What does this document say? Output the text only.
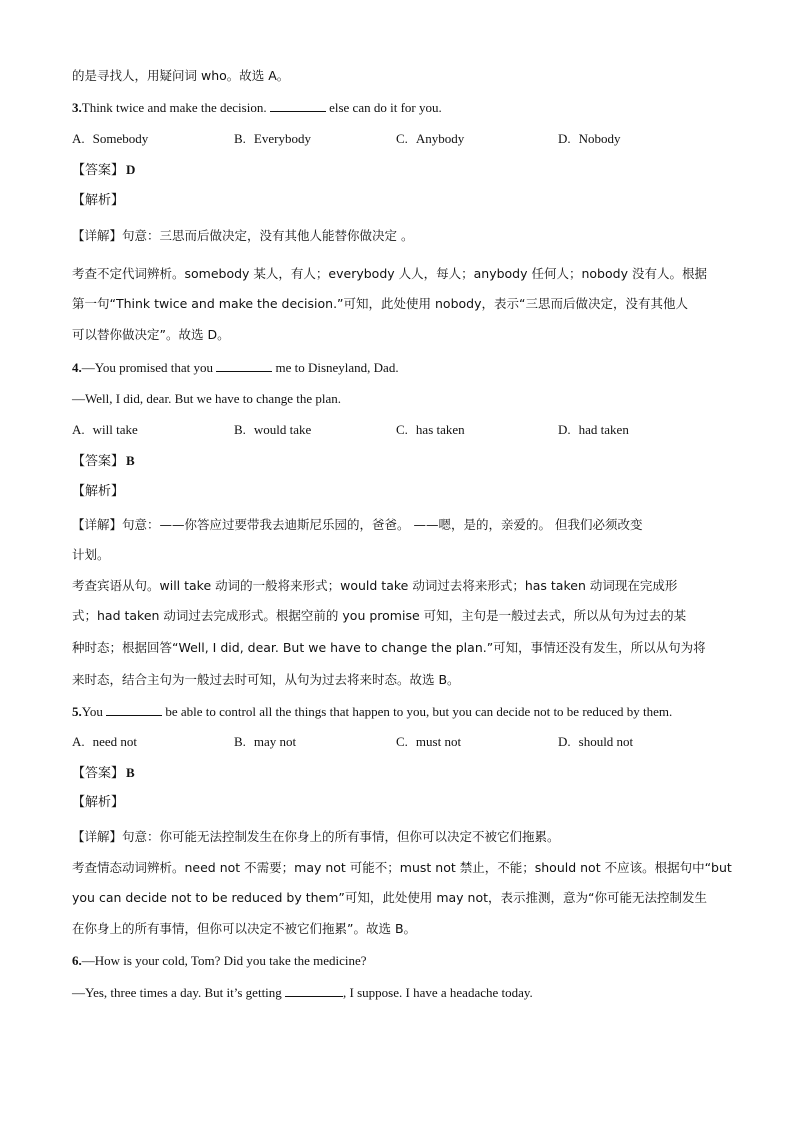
的是寻找人，用疑问词 who。故选 A。
3.Think twice and make the decision.	else can do it for you.
A. Somebody	B. Everybody	C. Anybody	D. Nobody
【答案】 D
【解析】
【详解】句意：三思而后做决定，没有其他人能替你做决定 。
考查不定代词辨析。somebody 某人，有人；everybody 人人，每人；anybody 任何人；nobody 没有人。根据
第一句“Think twice and make the decision.”可知，此处使用 nobody，表示“三思而后做决定，没有其他人
可以替你做决定”。故选 D。
4.—You promised that you	me to Disneyland, Dad.
—Well, I did, dear. But we have to change the plan.
A. will take	B. would take	C. has taken	D. had taken
【答案】 B
【解析】
【详解】句意：——你答应过要带我去迪斯尼乐园的，爸爸。 ——嗯，是的，亲爱的。 但我们必须改变
计划。
考查宾语从句。will take 动词的一般将来形式；would take 动词过去将来形式；has taken 动词现在完成形
式；had taken 动词过去完成形式。根据空前的 you promise 可知，主句是一般过去式，所以从句为过去的某
种时态；根据回答“Well, I did, dear. But we have to change the plan.”可知，事情还没有发生，所以从句为将
来时态，结合主句为一般过去时可知，从句为过去将来时态。故选 B。
5.You	be able to control all the things that happen to you, but you can decide not to be reduced by them.
A. need not	B. may not	C. must not	D. should not
【答案】 B
【解析】
【详解】句意：你可能无法控制发生在你身上的所有事情，但你可以决定不被它们拖累。
考查情态动词辨析。need not 不需要；may not 可能不；must not 禁止，不能；should not 不应该。根据句中“but
you can decide not to be reduced by them”可知，此处使用 may not，表示推测，意为“你可能无法控制发生
在你身上的所有事情，但你可以决定不被它们拖累”。故选 B。
6.—How is your cold, Tom? Did you take the medicine?
—Yes, three times a day. But it’s getting	, I suppose. I have a headache today.
